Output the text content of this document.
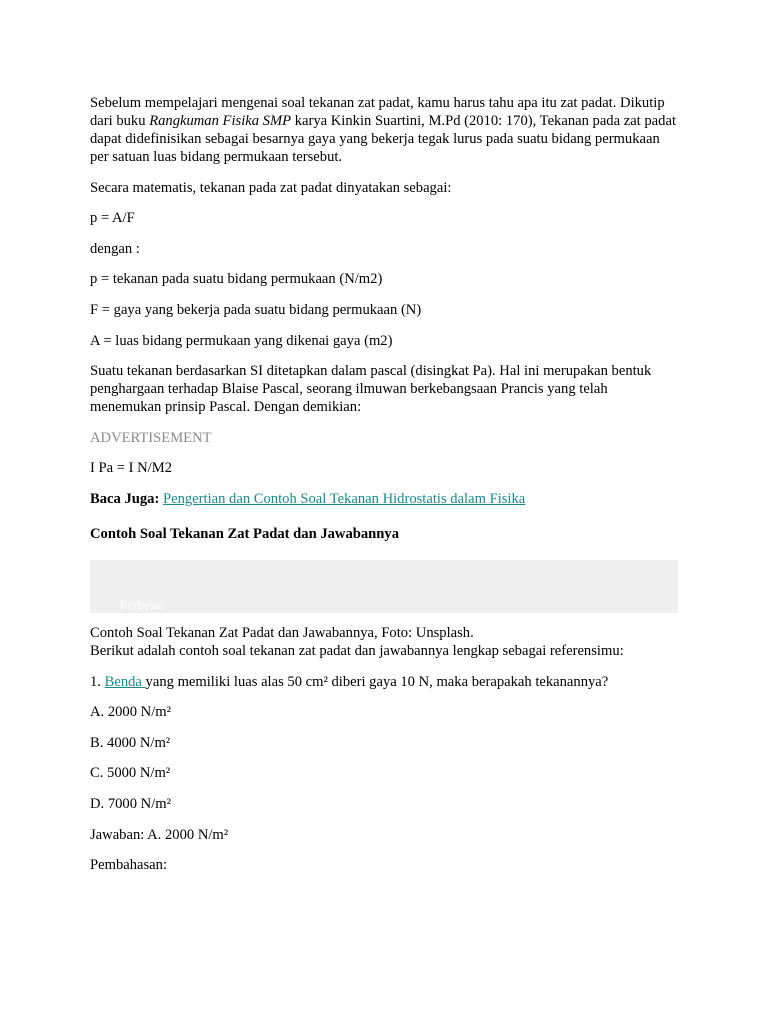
Sebelum mempelajari mengenai soal tekanan zat padat, kamu harus tahu apa itu zat padat. Dikutip dari buku Rangkuman Fisika SMP karya Kinkin Suartini, M.Pd (2010: 170), Tekanan pada zat padat dapat didefinisikan sebagai besarnya gaya yang bekerja tegak lurus pada suatu bidang permukaan per satuan luas bidang permukaan tersebut.

Secara matematis, tekanan pada zat padat dinyatakan sebagai:

p = A/F

dengan :

p = tekanan pada suatu bidang permukaan (N/m2)

F = gaya yang bekerja pada suatu bidang permukaan (N)

A = luas bidang permukaan yang dikenai gaya (m2)

Suatu tekanan berdasarkan SI ditetapkan dalam pascal (disingkat Pa). Hal ini merupakan bentuk penghargaan terhadap Blaise Pascal, seorang ilmuwan berkebangsaan Prancis yang telah menemukan prinsip Pascal. Dengan demikian:

ADVERTISEMENT

I Pa = I N/M2

Baca Juga: Pengertian dan Contoh Soal Tekanan Hidrostatis dalam Fisika

Contoh Soal Tekanan Zat Padat dan Jawabannya

Perbesar

Contoh Soal Tekanan Zat Padat dan Jawabannya, Foto: Unsplash.
Berikut adalah contoh soal tekanan zat padat dan jawabannya lengkap sebagai referensimu:

1. Benda yang memiliki luas alas 50 cm² diberi gaya 10 N, maka berapakah tekanannya?

A. 2000 N/m²

B. 4000 N/m²

C. 5000 N/m²

D. 7000 N/m²

Jawaban: A. 2000 N/m²

Pembahasan:
